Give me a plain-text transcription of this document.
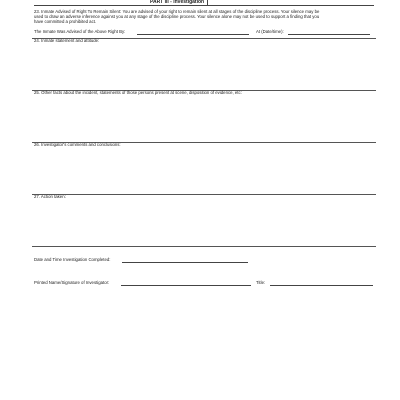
PART III - Investigation
23. Inmate Advised of Right To Remain Silent: You are advised of your right to remain silent at all stages of the discipline process. Your silence may be
used to draw an adverse inference against you at any stage of the discipline process. Your silence alone may not be used to support a finding that you
have committed a prohibited act.
The Inmate Was Advised of the Above Right By:	At (Date/time):
24. Inmate statement and attitude:
25. Other facts about the incident, statements of those persons present at scene, disposition of evidence, etc:
26. Investigator's comments and conclusions:
27. Action taken:
Date and Time Investigation Completed:
Printed Name/Signature of Investigator:	Title:
